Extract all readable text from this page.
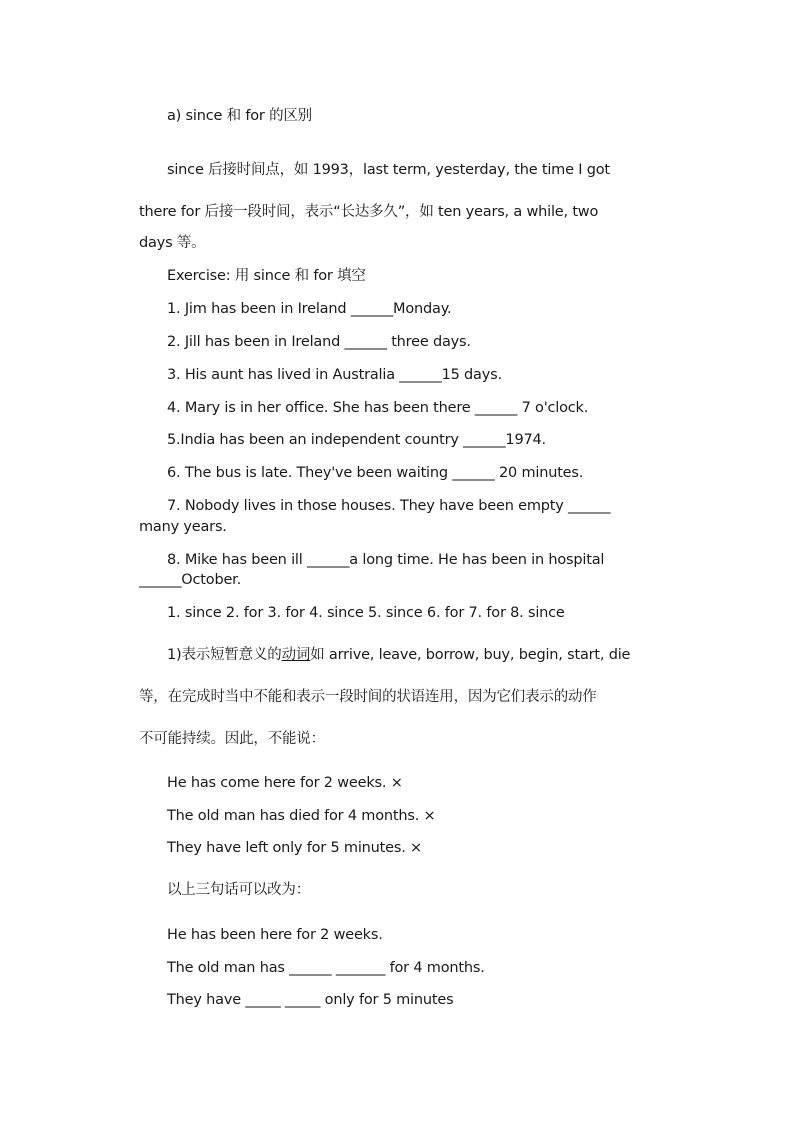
a) since 和 for 的区别
since 后接时间点，如 1993，last term, yesterday, the time I got
there for 后接一段时间，表示“长达多久”，如 ten years, a while, two
days 等。
Exercise: 用 since 和 for 填空
1. Jim has been in Ireland ______Monday.
2. Jill has been in Ireland ______ three days.
3. His aunt has lived in Australia ______15 days.
4. Mary is in her office. She has been there ______ 7 o'clock.
5.India has been an independent country ______1974.
6. The bus is late. They've been waiting ______ 20 minutes.
7. Nobody lives in those houses. They have been empty ______
many years.
8. Mike has been ill ______a long time. He has been in hospital
______October.
1. since 2. for 3. for 4. since 5. since 6. for 7. for 8. since
1)表示短暂意义的动词如 arrive, leave, borrow, buy, begin, start, die
等，在完成时当中不能和表示一段时间的状语连用，因为它们表示的动作
不可能持续。因此，不能说：
He has come here for 2 weeks. ×
The old man has died for 4 months. ×
They have left only for 5 minutes. ×
以上三句话可以改为：
He has been here for 2 weeks.
The old man has ______ _______ for 4 months.
They have _____ _____ only for 5 minutes
